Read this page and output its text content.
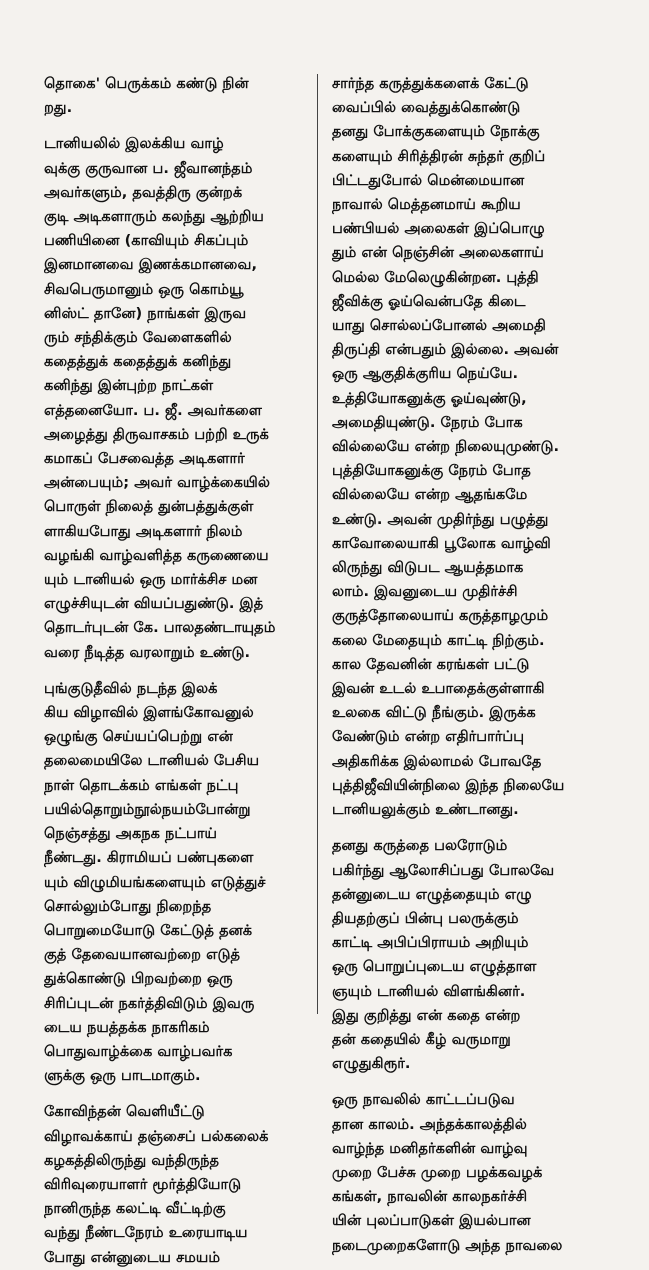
தொகை' பெருக்கம் கண்டு நின்
றது.
டானியலில் இலக்கிய வாழ்
வுக்கு குருவான ப. ஜீவானந்தம்
அவர்களும், தவத்திரு குன்றக்
குடி அடிகளாரும் கலந்து ஆற்றிய
பணியினை (காவியும் சிகப்பும்
இனமானவை இணக்கமானவை,
சிவபெருமானும் ஒரு கொம்யூ
னிஸ்ட் தானே) நாங்கள் இருவ
ரும் சந்திக்கும் வேளைகளில்
கதைத்துக் கதைத்துக் கனிந்து
கனிந்து இன்புற்ற நாட்கள்
எத்தனையோ. ப. ஜீ. அவர்களை
அழைத்து திருவாசகம் பற்றி உருக்
கமாகப் பேசவைத்த அடிகளார்
அன்பையும்; அவர் வாழ்க்கையில்
பொருள் நிலைத் துன்பத்துக்குள்
ளாகியபோது அடிகளார் நிலம்
வழங்கி வாழ்வளித்த கருணையை
யும் டானியல் ஒரு மார்க்சிச மன
எழுச்சியுடன் வியப்பதுண்டு. இத்
தொடர்புடன் கே. பாலதண்டாயுதம்
வரை நீடித்த வரலாறும் உண்டு.
புங்குடுதீவில் நடந்த இலக்
கிய விழாவில் இளங்கோவனுல்
ஒழுங்கு செய்யப்பெற்று என்
தலைமையிலே டானியல் பேசிய
நாள் தொடக்கம் எங்கள் நட்பு
பயில்தொறும்நூல்நயம்போன்று
நெஞ்சத்து அகநக நட்பாய்
நீண்டது. கிராமியப் பண்புகளை
யும் விழுமியங்களையும் எடுத்துச்
சொல்லும்போது நிறைந்த
பொறுமையோடு கேட்டுத் தனக்
குத் தேவையானவற்றை எடுத்
துக்கொண்டு பிறவற்றை ஒரு
சிரிப்புடன் நகர்த்திவிடும் இவரு
டைய நயத்தக்க நாகரிகம்
பொதுவாழ்க்கை வாழ்பவர்க
ளுக்கு ஒரு பாடமாகும்.
கோவிந்தன் வெளியீட்டு
விழாவக்காய் தஞ்சைப் பல்கலைக்
கழகத்திலிருந்து வந்திருந்த
விரிவுரையாளர் மூர்த்தியோடு
நானிருந்த கலட்டி வீட்டிற்கு
வந்து நீண்டநேரம் உரையாடிய
போது என்னுடைய சமயம்
சார்ந்த கருத்துக்களைக் கேட்டு
வைப்பில் வைத்துக்கொண்டு
தனது போக்குகளையும் நோக்கு
களையும் சிரித்திரன் சுந்தர் குறிப்
பிட்டதுபோல் மென்மையான
நாவால் மெத்தனமாய் கூறிய
பண்பியல் அலைகள் இப்பொழு
தும் என் நெஞ்சின் அலைகளாய்
மெல்ல மேலெழுகின்றன. புத்தி
ஜீவிக்கு ஓய்வென்பதே கிடை
யாது சொல்லப்போனல் அமைதி
திருப்தி என்பதும் இல்லை. அவன்
ஒரு ஆகுதிக்குரிய நெய்யே.
உத்தியோகனுக்கு ஓய்வுண்டு,
அமைதியுண்டு. நேரம் போக
வில்லையே என்ற நிலையுமுண்டு.
புத்தியோகனுக்கு நேரம் போத
வில்லையே என்ற ஆதங்கமே
உண்டு. அவன் முதிர்ந்து பழுத்து
காவோலையாகி பூலோக வாழ்வி
லிருந்து விடுபட ஆயத்தமாக
லாம். இவனுடைய முதிர்ச்சி
குருத்தோலையாய் கருத்தாழமும்
கலை மேதையும் காட்டி நிற்கும்.
கால தேவனின் கரங்கள் பட்டு
இவன் உடல் உபாதைக்குள்ளாகி
உலகை விட்டு நீங்கும். இருக்க
வேண்டும் என்ற எதிர்பார்ப்பு
அதிகரிக்க இல்லாமல் போவதே
புத்திஜீவியின்நிலை இந்த நிலையே
டானியலுக்கும் உண்டானது.
தனது கருத்தை பலரோடும்
பகிர்ந்து ஆலோசிப்பது போலவே
தன்னுடைய எழுத்தையும் எழு
தியதற்குப் பின்பு பலருக்கும்
காட்டி அபிப்பிராயம் அறியும்
ஒரு பொறுப்புடைய எழுத்தாள
ஞயும் டானியல் விளங்கினர்.
இது குறித்து என் கதை என்ற
தன் கதையில் கீழ் வருமாறு
எழுதுகிரூர்.
ஒரு நாவலில் காட்டப்படுவ
தான காலம். அந்தக்காலத்தில்
வாழ்ந்த மனிதர்களின் வாழ்வு
முறை பேச்சு முறை பழக்கவழக்
கங்கள், நாவலின் காலநகர்ச்சி
யின் புலப்பாடுகள் இயல்பான
நடைமுறைகளோடு அந்த நாவலை
